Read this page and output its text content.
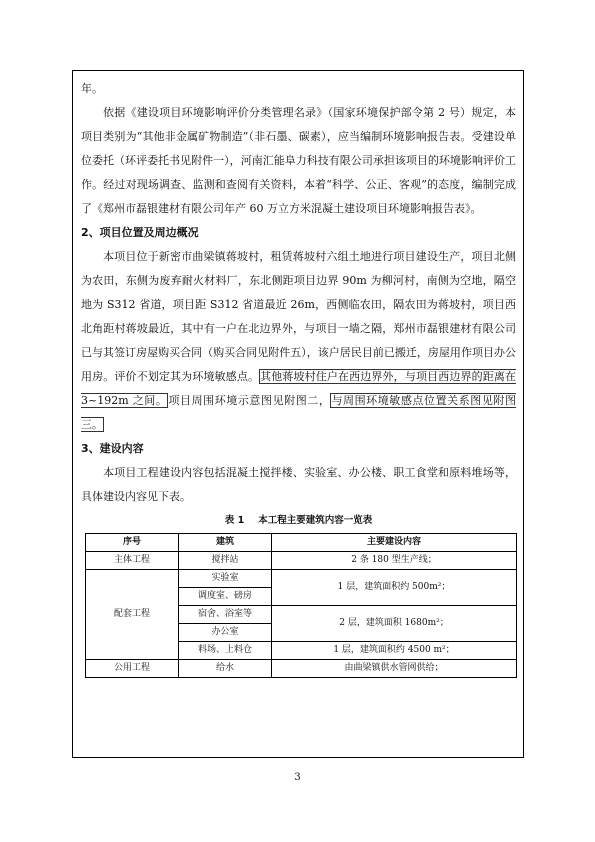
年。

依据《建设项目环境影响评价分类管理名录》（国家环境保护部令第 2 号）规定，本项目类别为“其他非金属矿物制造”（非石墨、碳素），应当编制环境影响报告表。受建设单位委托（环评委托书见附件一），河南汇能阜力科技有限公司承担该项目的环境影响评价工作。经过对现场调查、监测和查阅有关资料，本着“科学、公正、客观”的态度，编制完成了《郑州市磊银建材有限公司年产 60 万立方米混凝土建设项目环境影响报告表》。

2、项目位置及周边概况

本项目位于新密市曲梁镇蒋坡村，租赁蒋坡村六组土地进行项目建设生产，项目北侧为农田，东侧为废弃耐火材料厂，东北侧距项目边界 90m 为柳河村，南侧为空地，隔空地为 S312 省道，项目距 S312 省道最近 26m，西侧临农田，隔农田为蒋坡村，项目西北角距村蒋坡最近，其中有一户在北边界外，与项目一墙之隔，郑州市磊银建材有限公司已与其签订房屋购买合同（购买合同见附件五），该户居民目前已搬迁，房屋用作项目办公用房。评价不划定其为环境敏感点。其他蒋坡村住户在西边界外，与项目西边界的距离在 3~192m 之间。项目周围环境示意图见附图二，与周围环境敏感点位置关系图见附图三。

3、建设内容

本项目工程建设内容包括混凝土搅拌楼、实验室、办公楼、职工食堂和原料堆场等，具体建设内容见下表。

表 1 本工程主要建筑内容一览表
序号	建筑	主要建设内容
主体工程	搅拌站	2 条 180 型生产线；
配套工程	实验室	1 层，建筑面积约 500m²；
	调度室、磅房	
	宿舍、浴室等	2 层，建筑面积 1680m²；
	办公室	
	料场、上料仓	1 层，建筑面积约 4500 m²；
公用工程	给水	由曲梁镇供水管网供给；
3
